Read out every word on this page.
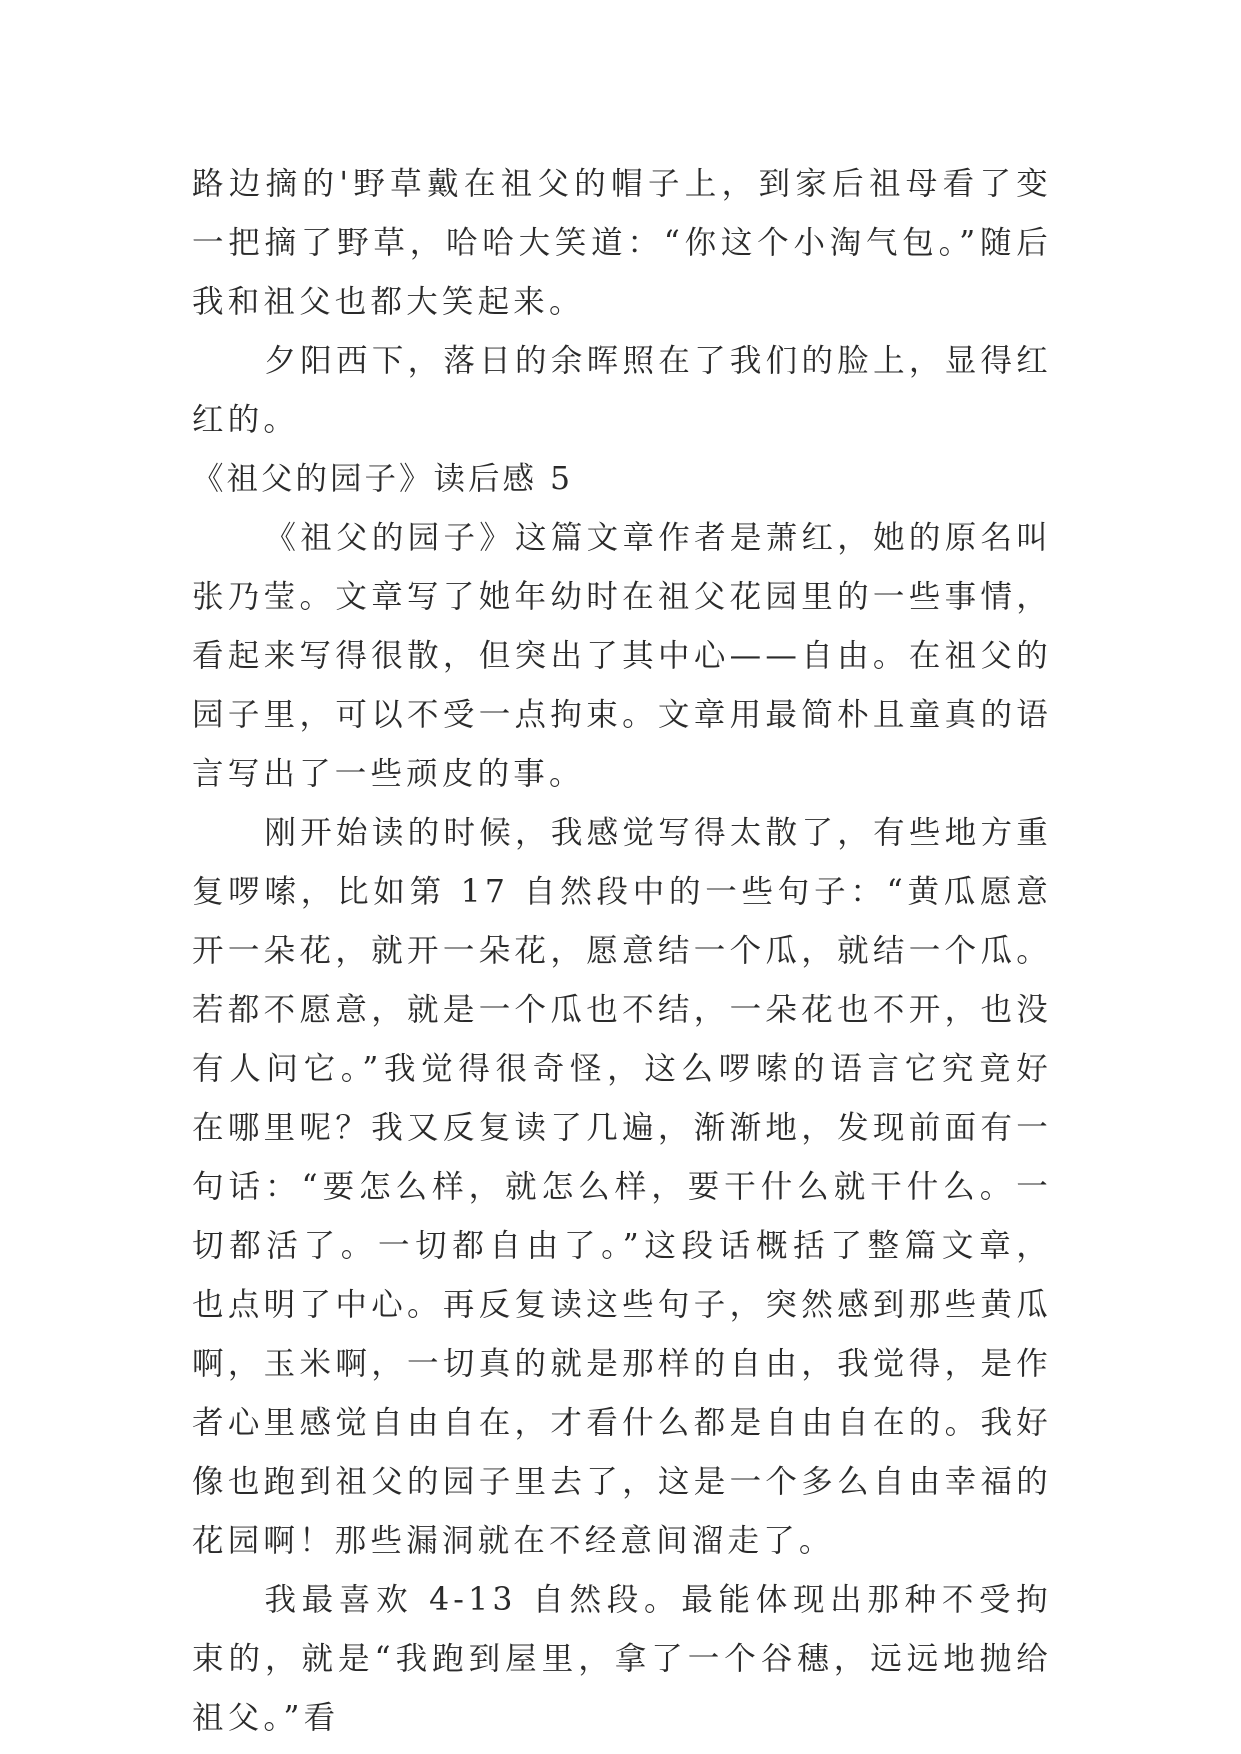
路边摘的'野草戴在祖父的帽子上，到家后祖母看了变一把摘了野草，哈哈大笑道：“你这个小淘气包。”随后我和祖父也都大笑起来。

夕阳西下，落日的余晖照在了我们的脸上，显得红红的。

《祖父的园子》读后感 5

《祖父的园子》这篇文章作者是萧红，她的原名叫张乃莹。文章写了她年幼时在祖父花园里的一些事情，看起来写得很散，但突出了其中心——自由。在祖父的园子里，可以不受一点拘束。文章用最简朴且童真的语言写出了一些顽皮的事。

刚开始读的时候，我感觉写得太散了，有些地方重复啰嗦，比如第 17 自然段中的一些句子：“黄瓜愿意开一朵花，就开一朵花，愿意结一个瓜，就结一个瓜。若都不愿意，就是一个瓜也不结，一朵花也不开，也没有人问它。”我觉得很奇怪，这么啰嗦的语言它究竟好在哪里呢？我又反复读了几遍，渐渐地，发现前面有一句话：“要怎么样，就怎么样，要干什么就干什么。一切都活了。一切都自由了。”这段话概括了整篇文章，也点明了中心。再反复读这些句子，突然感到那些黄瓜啊，玉米啊，一切真的就是那样的自由，我觉得，是作者心里感觉自由自在，才看什么都是自由自在的。我好像也跑到祖父的园子里去了，这是一个多么自由幸福的花园啊！那些漏洞就在不经意间溜走了。

我最喜欢 4-13 自然段。最能体现出那种不受拘束的，就是“我跑到屋里，拿了一个谷穗，远远地抛给祖父。”看
